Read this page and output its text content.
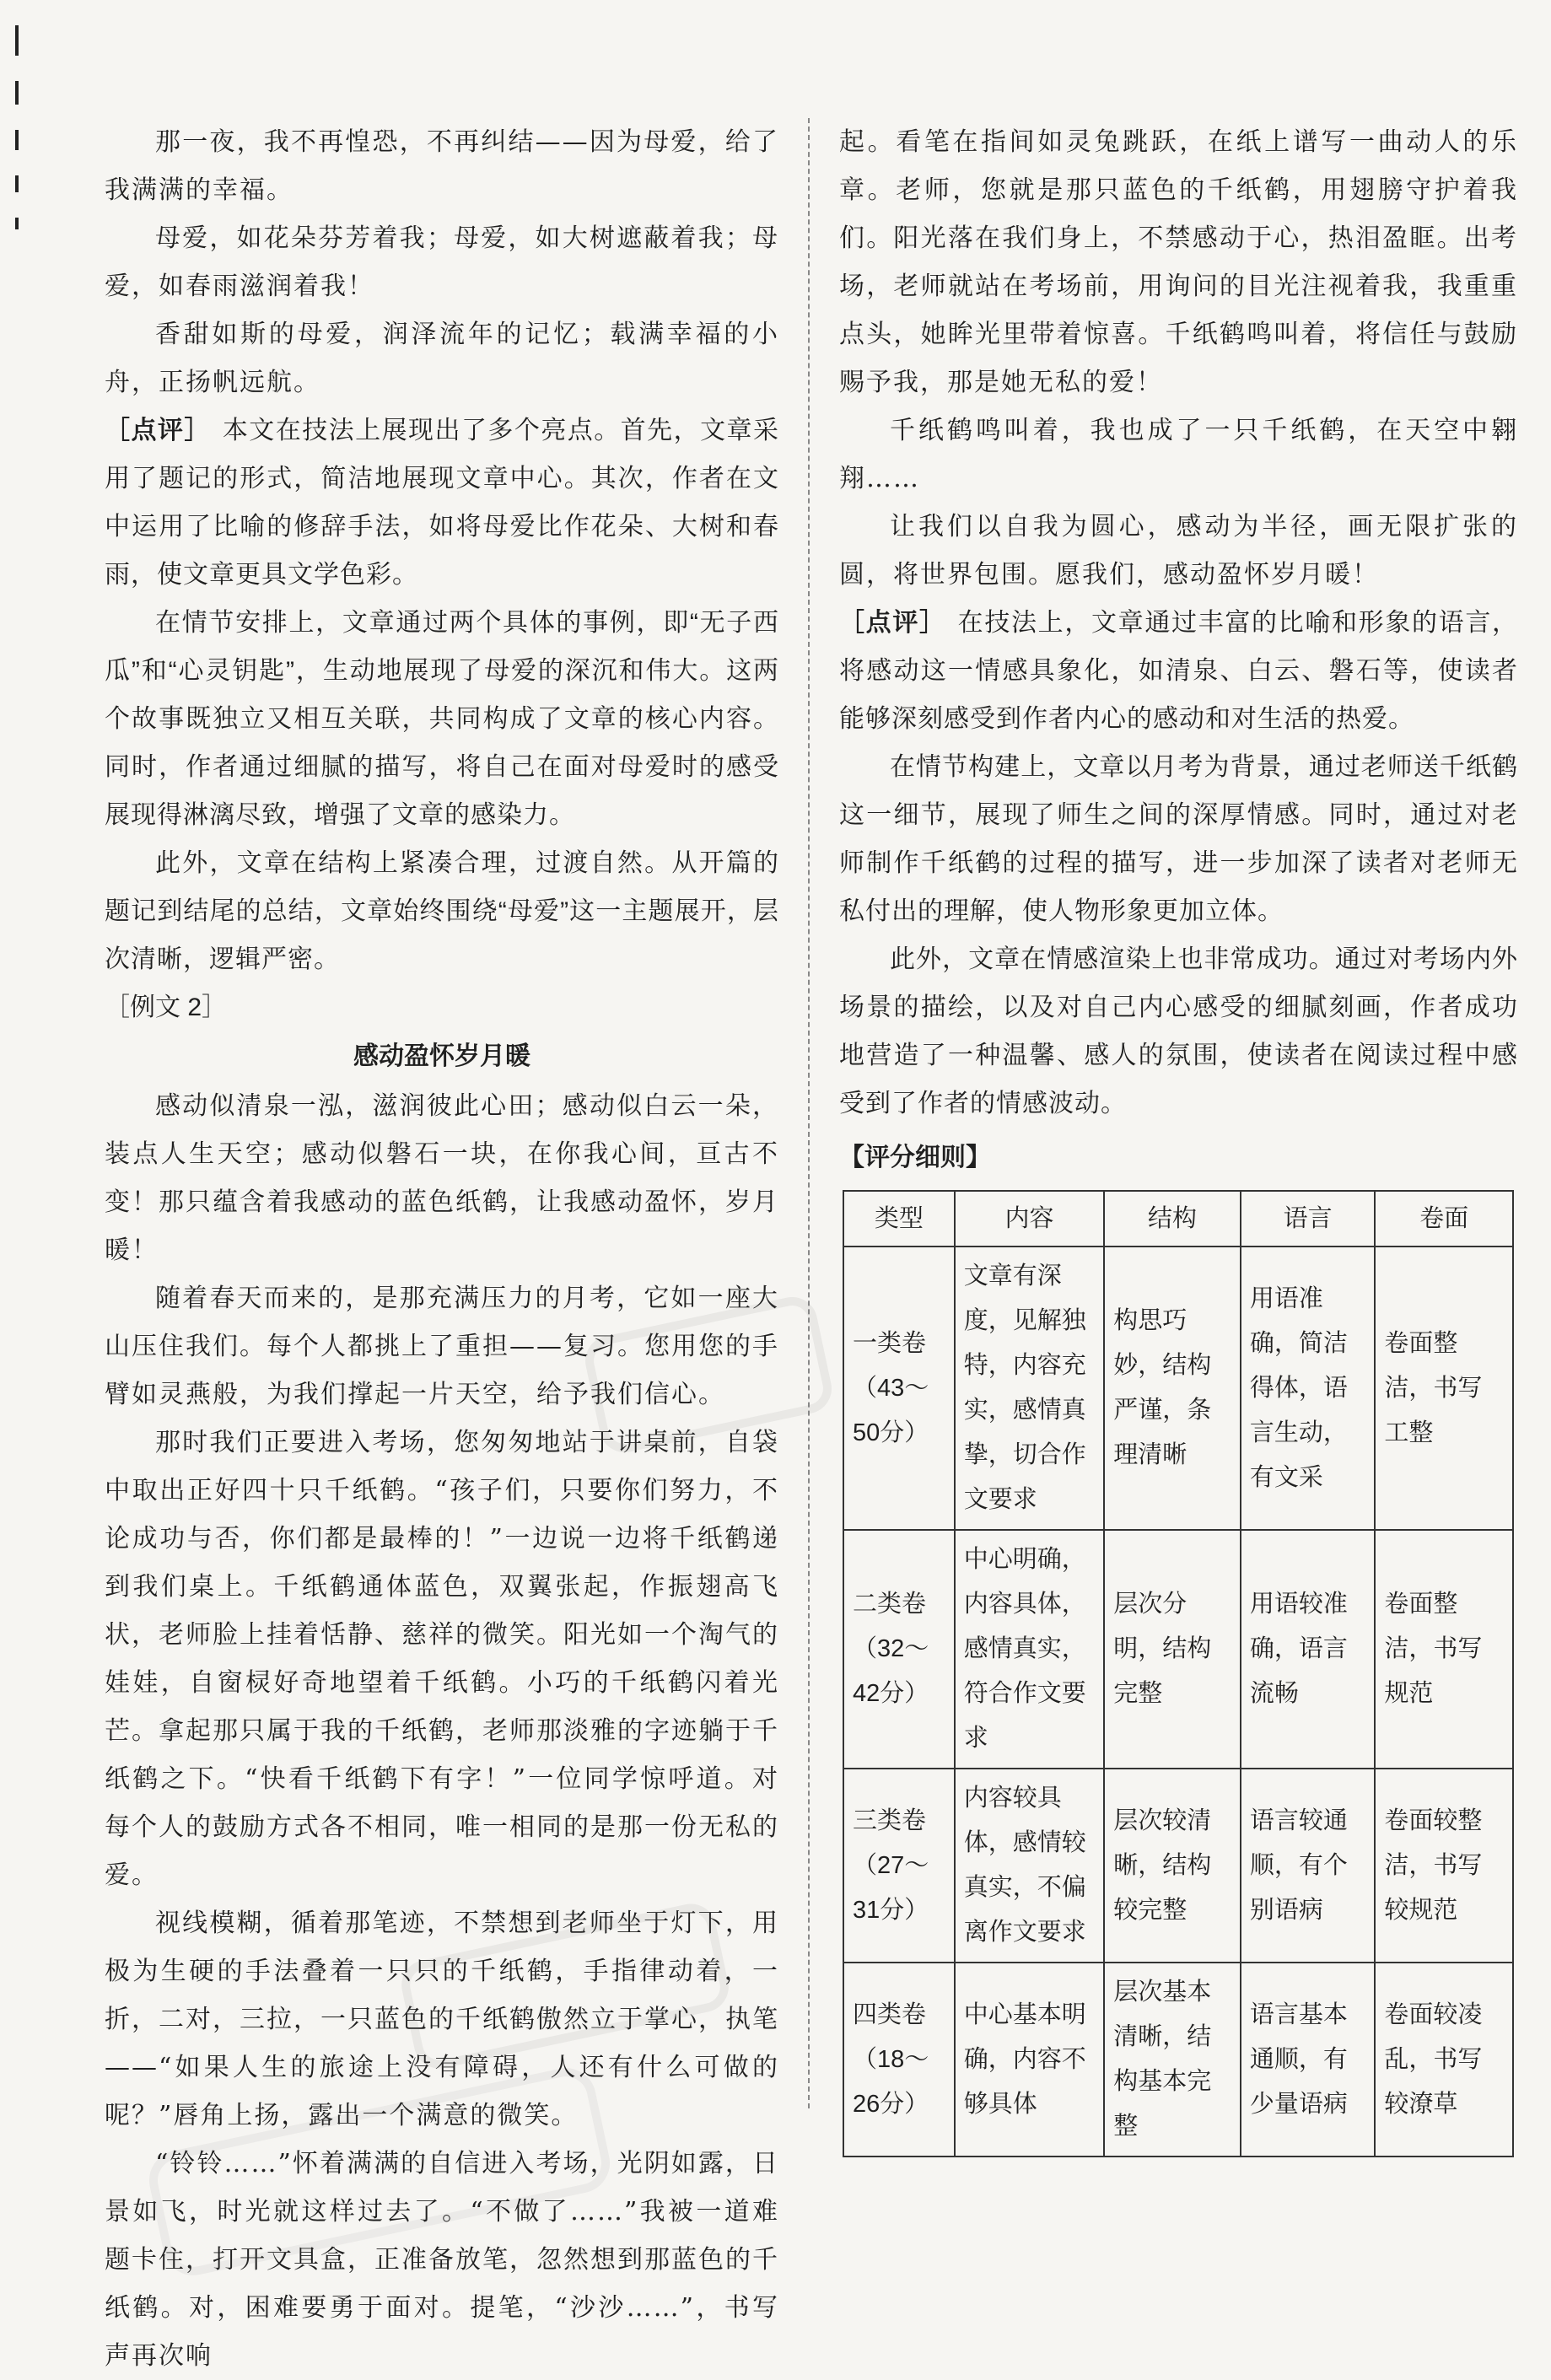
那一夜，我不再惶恐，不再纠结——因为母爱，给了我满满的幸福。

母爱，如花朵芬芳着我；母爱，如大树遮蔽着我；母爱，如春雨滋润着我！

香甜如斯的母爱，润泽流年的记忆；载满幸福的小舟，正扬帆远航。

［点评］ 本文在技法上展现出了多个亮点。首先，文章采用了题记的形式，简洁地展现文章中心。其次，作者在文中运用了比喻的修辞手法，如将母爱比作花朵、大树和春雨，使文章更具文学色彩。

在情节安排上，文章通过两个具体的事例，即“无子西瓜”和“心灵钥匙”，生动地展现了母爱的深沉和伟大。这两个故事既独立又相互关联，共同构成了文章的核心内容。同时，作者通过细腻的描写，将自己在面对母爱时的感受展现得淋漓尽致，增强了文章的感染力。

此外，文章在结构上紧凑合理，过渡自然。从开篇的题记到结尾的总结，文章始终围绕“母爱”这一主题展开，层次清晰，逻辑严密。

［例文 2］
感动盈怀岁月暖

感动似清泉一泓，滋润彼此心田；感动似白云一朵，装点人生天空；感动似磐石一块，在你我心间，亘古不变！那只蕴含着我感动的蓝色纸鹤，让我感动盈怀，岁月暖！

随着春天而来的，是那充满压力的月考，它如一座大山压住我们。每个人都挑上了重担——复习。您用您的手臂如灵燕般，为我们撑起一片天空，给予我们信心。

那时我们正要进入考场，您匆匆地站于讲桌前，自袋中取出正好四十只千纸鹤。“孩子们，只要你们努力，不论成功与否，你们都是最棒的！”一边说一边将千纸鹤递到我们桌上。千纸鹤通体蓝色，双翼张起，作振翅高飞状，老师脸上挂着恬静、慈祥的微笑。阳光如一个淘气的娃娃，自窗棂好奇地望着千纸鹤。小巧的千纸鹤闪着光芒。拿起那只属于我的千纸鹤，老师那淡雅的字迹躺于千纸鹤之下。“快看千纸鹤下有字！”一位同学惊呼道。对每个人的鼓励方式各不相同，唯一相同的是那一份无私的爱。

视线模糊，循着那笔迹，不禁想到老师坐于灯下，用极为生硬的手法叠着一只只的千纸鹤，手指律动着，一折，二对，三拉，一只蓝色的千纸鹤傲然立于掌心，执笔——“如果人生的旅途上没有障碍，人还有什么可做的呢？”唇角上扬，露出一个满意的微笑。

“铃铃……”怀着满满的自信进入考场，光阴如露，日景如飞，时光就这样过去了。“不做了……”我被一道难题卡住，打开文具盒，正准备放笔，忽然想到那蓝色的千纸鹤。对，困难要勇于面对。提笔，“沙沙……”，书写声再次响

起。看笔在指间如灵兔跳跃，在纸上谱写一曲动人的乐章。老师，您就是那只蓝色的千纸鹤，用翅膀守护着我们。阳光落在我们身上，不禁感动于心，热泪盈眶。出考场，老师就站在考场前，用询问的目光注视着我，我重重点头，她眸光里带着惊喜。千纸鹤鸣叫着，将信任与鼓励赐予我，那是她无私的爱！

千纸鹤鸣叫着，我也成了一只千纸鹤，在天空中翱翔……

让我们以自我为圆心，感动为半径，画无限扩张的圆，将世界包围。愿我们，感动盈怀岁月暖！

［点评］ 在技法上，文章通过丰富的比喻和形象的语言，将感动这一情感具象化，如清泉、白云、磐石等，使读者能够深刻感受到作者内心的感动和对生活的热爱。

在情节构建上，文章以月考为背景，通过老师送千纸鹤这一细节，展现了师生之间的深厚情感。同时，通过对老师制作千纸鹤的过程的描写，进一步加深了读者对老师无私付出的理解，使人物形象更加立体。

此外，文章在情感渲染上也非常成功。通过对考场内外场景的描绘，以及对自己内心感受的细腻刻画，作者成功地营造了一种温馨、感人的氛围，使读者在阅读过程中感受到了作者的情感波动。

【评分细则】
类型	内容	结构	语言	卷面
一类卷（43～50分）	文章有深度，见解独特，内容充实，感情真挚，切合作文要求	构思巧妙，结构严谨，条理清晰	用语准确，简洁得体，语言生动，有文采	卷面整洁，书写工整
二类卷（32～42分）	中心明确，内容具体，感情真实，符合作文要求	层次分明，结构完整	用语较准确，语言流畅	卷面整洁，书写规范
三类卷（27～31分）	内容较具体，感情较真实，不偏离作文要求	层次较清晰，结构较完整	语言较通顺，有个别语病	卷面较整洁，书写较规范
四类卷（18～26分）	中心基本明确，内容不够具体	层次基本清晰，结构基本完整	语言基本通顺，有少量语病	卷面较凌乱，书写较潦草
